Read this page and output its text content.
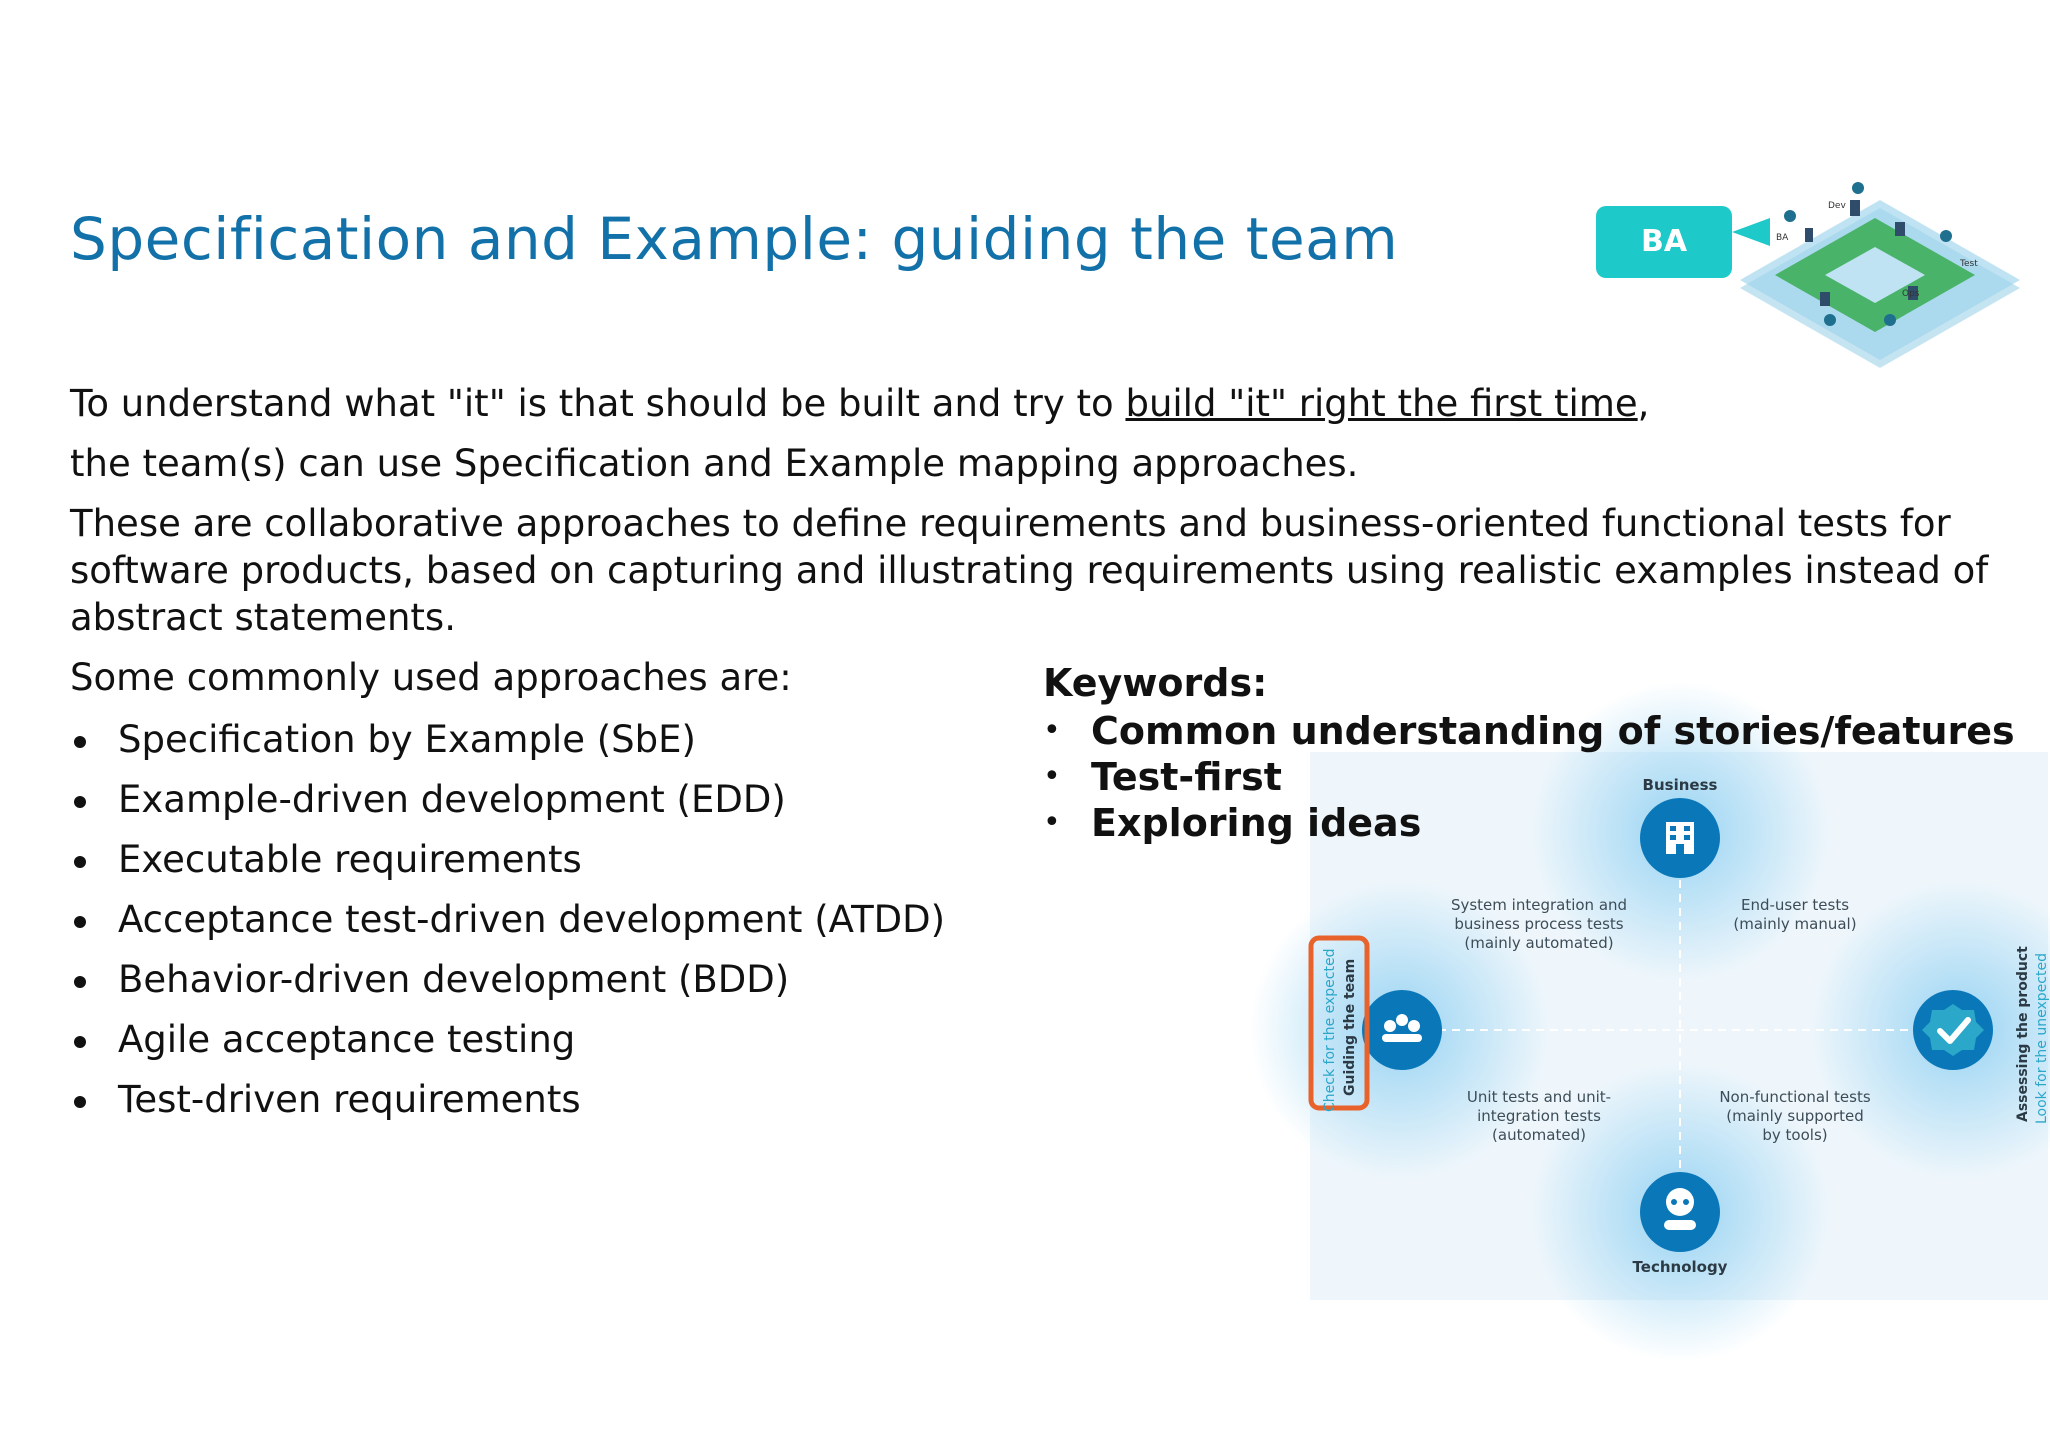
Specification and Example: guiding the team

To understand what "it" is that should be built and try to build "it" right the first time,

the team(s) can use Specification and Example mapping approaches.

These are collaborative approaches to define requirements and business-oriented functional tests for software products, based on capturing and illustrating requirements using realistic examples instead of abstract statements.

Some commonly used approaches are:

Specification by Example (SbE)
Example-driven development (EDD)
Executable requirements
Acceptance test-driven development (ATDD)
Behavior-driven development (BDD)
Agile acceptance testing
Test-driven requirements
Dev
BA
Test
Ops
BA
Business
Technology
System integration and
business process tests
(mainly automated)
End-user tests
(mainly manual)
Unit tests and unit-
integration tests
(automated)
Non-functional tests
(mainly supported
by tools)
Check for the expected Guiding the team	Assessing the product Look for the unexpected
Keywords:
• Common understanding of stories/features
• Test-first
• Exploring ideas
